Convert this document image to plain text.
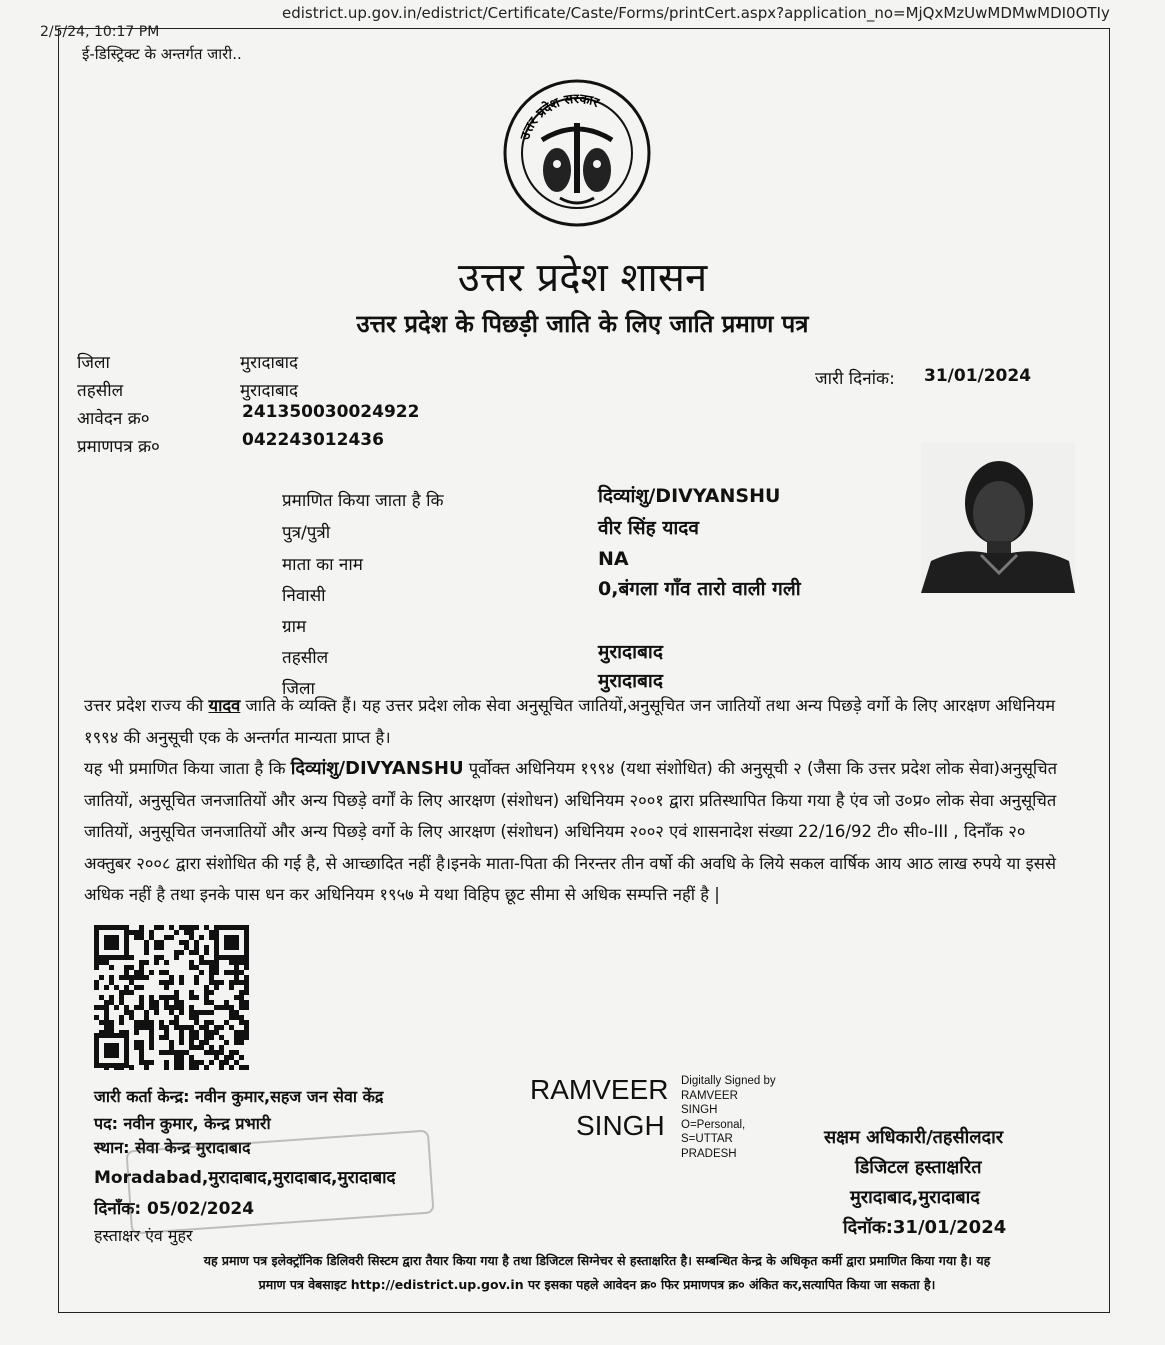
2/5/24, 10:17 PM
edistrict.up.gov.in/edistrict/Certificate/Caste/Forms/printCert.aspx?application_no=MjQxMzUwMDMwMDI0OTIy
ई-डिस्ट्रिक्ट के अन्तर्गत जारी..
उत्तर प्रदेश सरकार
उत्तर प्रदेश शासन
उत्तर प्रदेश के पिछड़ी जाति के लिए जाति प्रमाण पत्र
जिला	मुरादाबाद
तहसील	मुरादाबाद
आवेदन क्र०	241350030024922
प्रमाणपत्र क्र०	042243012436
जारी दिनांक: 31/01/2024
प्रमाणित किया जाता है कि	दिव्यांशु/DIVYANSHU
पुत्र/पुत्री	वीर सिंह यादव
माता का नाम	NA
निवासी	0,बंगला गाँव तारो वाली गली
ग्राम
तहसील	मुरादाबाद
जिला	मुरादाबाद

उत्तर प्रदेश राज्य की यादव जाति के व्यक्ति हैं। यह उत्तर प्रदेश लोक सेवा अनुसूचित जातियों,अनुसूचित जन जातियों तथा अन्य पिछड़े वर्गो के लिए आरक्षण अधिनियम १९९४ की अनुसूची एक के अन्तर्गत मान्यता प्राप्त है।

यह भी प्रमाणित किया जाता है कि दिव्यांशु/DIVYANSHU पूर्वोक्त अधिनियम १९९४ (यथा संशोधित) की अनुसूची २ (जैसा कि उत्तर प्रदेश लोक सेवा)अनुसूचित जातियों, अनुसूचित जनजातियों और अन्य पिछड़े वर्गों के लिए आरक्षण (संशोधन) अधिनियम २००१ द्वारा प्रतिस्थापित किया गया है एंव जो उ०प्र० लोक सेवा अनुसूचित जातियों, अनुसूचित जनजातियों और अन्य पिछड़े वर्गो के लिए आरक्षण (संशोधन) अधिनियम २००२ एवं शासनादेश संख्या 22/16/92 टी० सी०-III , दिनाँक २० अक्तुबर २००८ द्वारा संशोधित की गई है, से आच्छादित नहीं है।इनके माता-पिता की निरन्तर तीन वर्षो की अवधि के लिये सकल वार्षिक आय आठ लाख रुपये या इससे अधिक नहीं है तथा इनके पास धन कर अधिनियम १९५७ मे यथा विहिप छूट सीमा से अधिक सम्पत्ति नहीं है |

जारी कर्ता केन्द्र: नवीन कुमार,सहज जन सेवा केंद्र
पद: नवीन कुमार, केन्द्र प्रभारी
स्थान: सेवा केन्द्र मुरादाबाद
Moradabad,मुरादाबाद,मुरादाबाद,मुरादाबाद
दिनाँक: 05/02/2024
हस्ताक्षर एंव मुहर
RAMVEER
SINGH
Digitally Signed by RAMVEER SINGH O=Personal, S=UTTAR PRADESH
सक्षम अधिकारी/तहसीलदार
डिजिटल हस्ताक्षरित
मुरादाबाद,मुरादाबाद
दिनॉक:31/01/2024
यह प्रमाण पत्र इलेक्ट्रॉनिक डिलिवरी सिस्टम द्वारा तैयार किया गया है तथा डिजिटल सिग्नेचर से हस्ताक्षरित है। सम्बन्धित केन्द्र के अधिकृत कर्मी द्वारा प्रमाणित किया गया है। यह
प्रमाण पत्र वेबसाइट http://edistrict.up.gov.in पर इसका पहले आवेदन क्र० फिर प्रमाणपत्र क्र० अंकित कर,सत्यापित किया जा सकता है।
